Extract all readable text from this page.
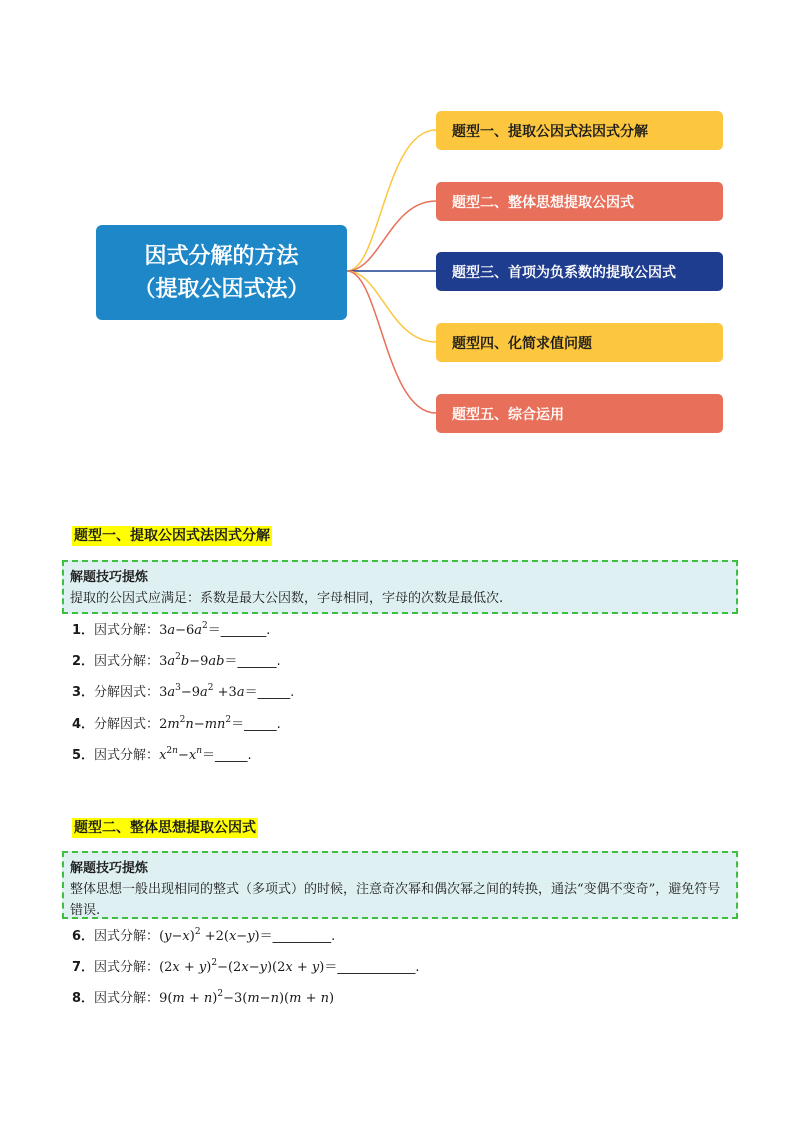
因式分解的方法
（提取公因式法）
题型一、提取公因式法因式分解
题型二、整体思想提取公因式
题型三、首项为负系数的提取公因式
题型四、化简求值问题
题型五、综合运用
题型一、提取公因式法因式分解
解题技巧提炼
提取的公因式应满足：系数是最大公因数，字母相同，字母的次数是最低次.
1．因式分解：$3a-6a^2=\_\_\_\_\_\_\_$.
2．因式分解：$3a^2b-9ab=\_\_\_\_\_\_$.
3．分解因式：$3a^3-9a^2$ +3a＝_____.
4．分解因式：$2m^2n-mn^2=\_\_\_\_\_$.
5．因式分解：$x^{2n}-x^n=\_\_\_\_\_$.
题型二、整体思想提取公因式
解题技巧提炼
整体思想一般出现相同的整式（多项式）的时候，注意奇次幂和偶次幂之间的转换，通法“变偶不变奇”，避免符号错误.
6．因式分解：$(y-x)^2$ +2(x−y)＝_________.
7．因式分解：$(2x + y)^2-(2x-y)(2x$ + y)＝____________.
8．因式分解：$9(m + n)^2-3(m-n)(m + n)$
